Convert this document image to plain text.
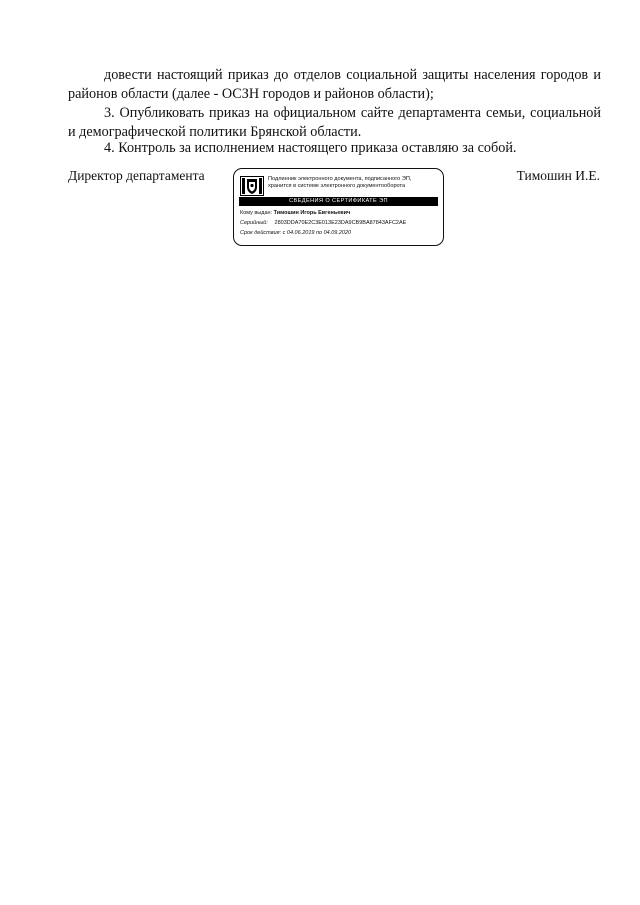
довести настоящий приказ до отделов социальной защиты населения городов и районов области (далее - ОСЗН городов и районов области);

3. Опубликовать приказ на официальном сайте департамента семьи, социальной и демографической политики Брянской области.

4. Контроль за исполнением настоящего приказа оставляю за собой.

Директор департамента	Тимошин И.Е.
Подлинник электронного документа, подписанного ЭП,
хранится в системе электронного документооборота
СВЕДЕНИЯ О СЕРТИФИКАТЕ ЭП
Кому выдан: Тимошин Игорь Евгеньевич
Серийный: 2803DDA70E2C3E013E23DA9CB9BA87843AFC2AE
Срок действия: с 04.06.2019 по 04.09.2020
